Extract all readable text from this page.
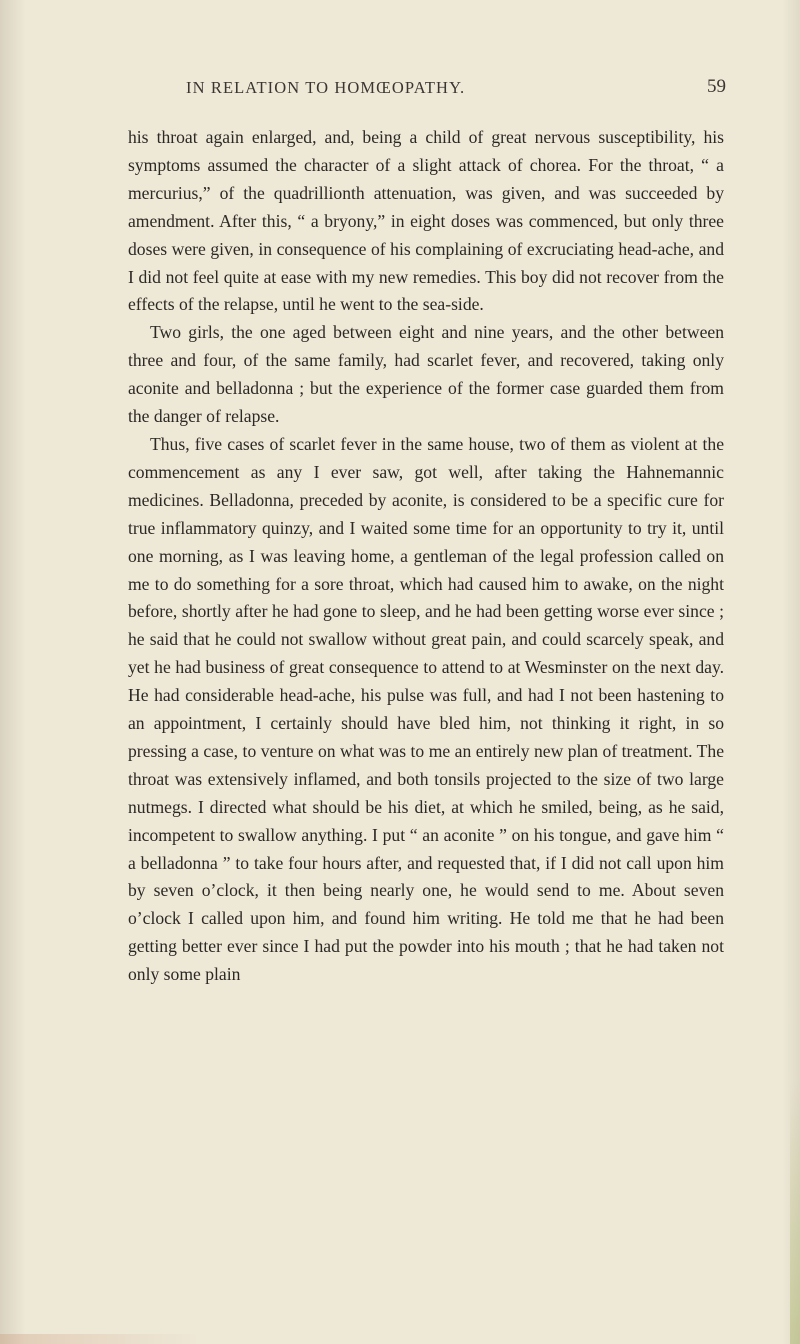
IN RELATION TO HOMŒOPATHY.	59

his throat again enlarged, and, being a child of great nervous susceptibility, his symptoms assumed the character of a slight attack of chorea. For the throat, “ a mercurius,” of the quadrillionth attenuation, was given, and was succeeded by amendment. After this, “ a bryony,” in eight doses was commenced, but only three doses were given, in consequence of his complaining of excruciating head-ache, and I did not feel quite at ease with my new remedies. This boy did not recover from the effects of the relapse, until he went to the sea-side.

Two girls, the one aged between eight and nine years, and the other between three and four, of the same family, had scarlet fever, and recovered, taking only aconite and belladonna ; but the experience of the former case guarded them from the danger of relapse.

Thus, five cases of scarlet fever in the same house, two of them as violent at the commencement as any I ever saw, got well, after taking the Hahnemannic medicines. Belladonna, preceded by aconite, is considered to be a specific cure for true inflammatory quinzy, and I waited some time for an opportunity to try it, until one morning, as I was leaving home, a gentleman of the legal profession called on me to do something for a sore throat, which had caused him to awake, on the night before, shortly after he had gone to sleep, and he had been getting worse ever since ; he said that he could not swallow without great pain, and could scarcely speak, and yet he had business of great consequence to attend to at Wesminster on the next day. He had considerable head-ache, his pulse was full, and had I not been hastening to an appointment, I certainly should have bled him, not thinking it right, in so pressing a case, to venture on what was to me an entirely new plan of treatment. The throat was extensively inflamed, and both tonsils projected to the size of two large nutmegs. I directed what should be his diet, at which he smiled, being, as he said, incompetent to swallow anything. I put “ an aconite ” on his tongue, and gave him “ a belladonna ” to take four hours after, and requested that, if I did not call upon him by seven o’clock, it then being nearly one, he would send to me. About seven o’clock I called upon him, and found him writing. He told me that he had been getting better ever since I had put the powder into his mouth ; that he had taken not only some plain
